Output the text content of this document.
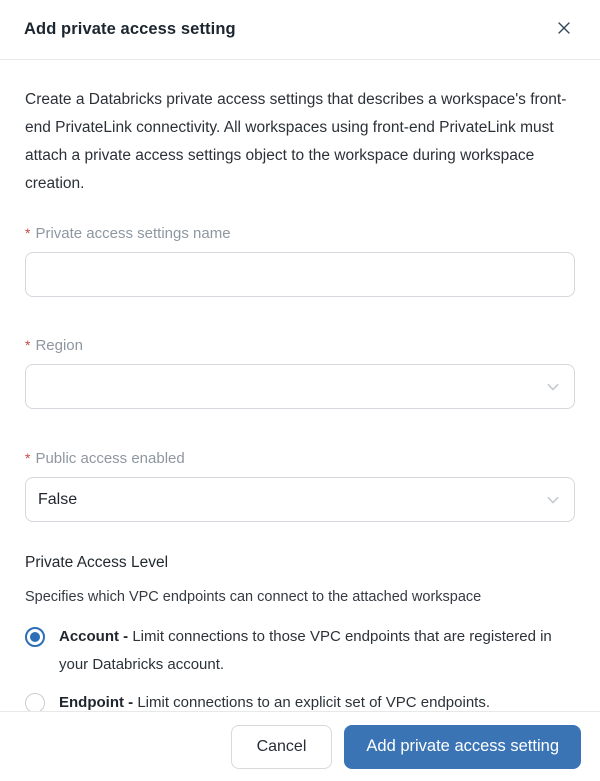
Add private access setting

Create a Databricks private access settings that describes a workspace's front-end PrivateLink connectivity. All workspaces using front-end PrivateLink must attach a private access settings object to the workspace during workspace creation.

* Private access settings name
* Region
* Public access enabled
False
Private Access Level
Specifies which VPC endpoints can connect to the attached workspace
Account - Limit connections to those VPC endpoints that are registered in your Databricks account.
Endpoint - Limit connections to an explicit set of VPC endpoints.
Cancel	Add private access setting
